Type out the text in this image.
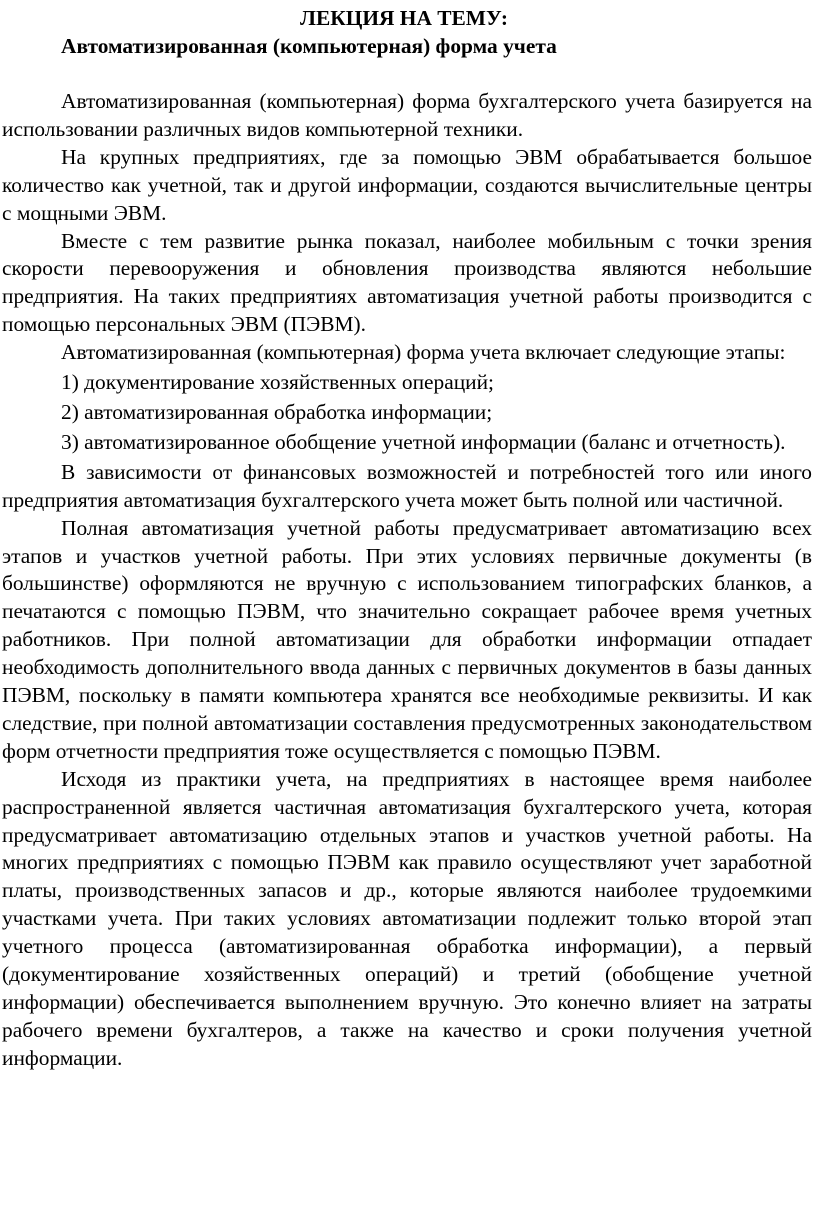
ЛЕКЦИЯ НА ТЕМУ:
Автоматизированная (компьютерная) форма учета

Автоматизированная (компьютерная) форма бухгалтерского учета базируется на использовании различных видов компьютерной техники.

На крупных предприятиях, где за помощью ЭВМ обрабатывается большое количество как учетной, так и другой информации, создаются вычислительные центры с мощными ЭВМ.

Вместе с тем развитие рынка показал, наиболее мобильным с точки зрения скорости перевооружения и обновления производства являются небольшие предприятия. На таких предприятиях автоматизация учетной работы производится с помощью персональных ЭВМ (ПЭВМ).

Автоматизированная (компьютерная) форма учета включает следующие этапы:

1) документирование хозяйственных операций;

2) автоматизированная обработка информации;

3) автоматизированное обобщение учетной информации (баланс и отчетность).

В зависимости от финансовых возможностей и потребностей того или иного предприятия автоматизация бухгалтерского учета может быть полной или частичной.

Полная автоматизация учетной работы предусматривает автоматизацию всех этапов и участков учетной работы. При этих условиях первичные документы (в большинстве) оформляются не вручную с использованием типографских бланков, а печатаются с помощью ПЭВМ, что значительно сокращает рабочее время учетных работников. При полной автоматизации для обработки информации отпадает необходимость дополнительного ввода данных с первичных документов в базы данных ПЭВМ, поскольку в памяти компьютера хранятся все необходимые реквизиты. И как следствие, при полной автоматизации составления предусмотренных законодательством форм отчетности предприятия тоже осуществляется с помощью ПЭВМ.

Исходя из практики учета, на предприятиях в настоящее время наиболее распространенной является частичная автоматизация бухгалтерского учета, которая предусматривает автоматизацию отдельных этапов и участков учетной работы. На многих предприятиях с помощью ПЭВМ как правило осуществляют учет заработной платы, производственных запасов и др., которые являются наиболее трудоемкими участками учета. При таких условиях автоматизации подлежит только второй этап учетного процесса (автоматизированная обработка информации), а первый (документирование хозяйственных операций) и третий (обобщение учетной информации) обеспечивается выполнением вручную. Это конечно влияет на затраты рабочего времени бухгалтеров, а также на качество и сроки получения учетной информации.
